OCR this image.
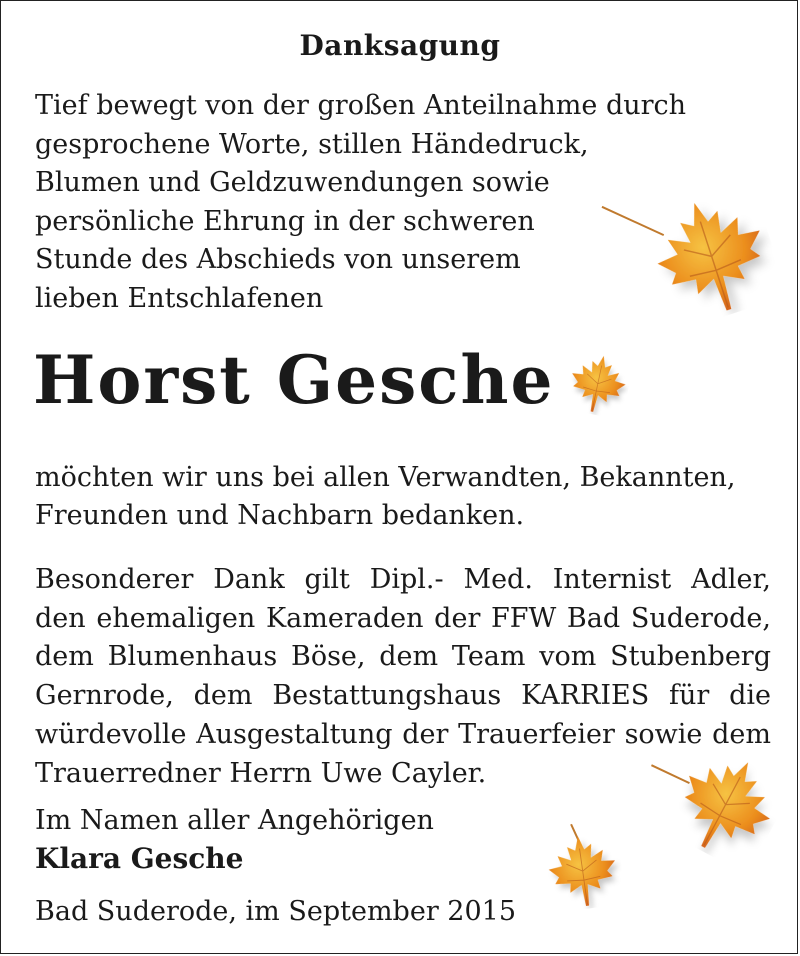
Danksagung
Tief bewegt von der großen Anteilnahme durch
gesprochene Worte, stillen Händedruck,
Blumen und Geldzuwendungen sowie
persönliche Ehrung in der schweren
Stunde des Abschieds von unserem
lieben Entschlafenen
Horst Gesche
möchten wir uns bei allen Verwandten, Bekannten,
Freunden und Nachbarn bedanken.
Besonderer Dank gilt Dipl.- Med. Internist Adler,
den ehemaligen Kameraden der FFW Bad Suderode,
dem Blumenhaus Böse, dem Team vom Stubenberg
Gernrode, dem Bestattungshaus KARRIES für die
würdevolle Ausgestaltung der Trauerfeier sowie dem
Trauerredner Herrn Uwe Cayler.
Im Namen aller Angehörigen
Klara Gesche
Bad Suderode, im September 2015
